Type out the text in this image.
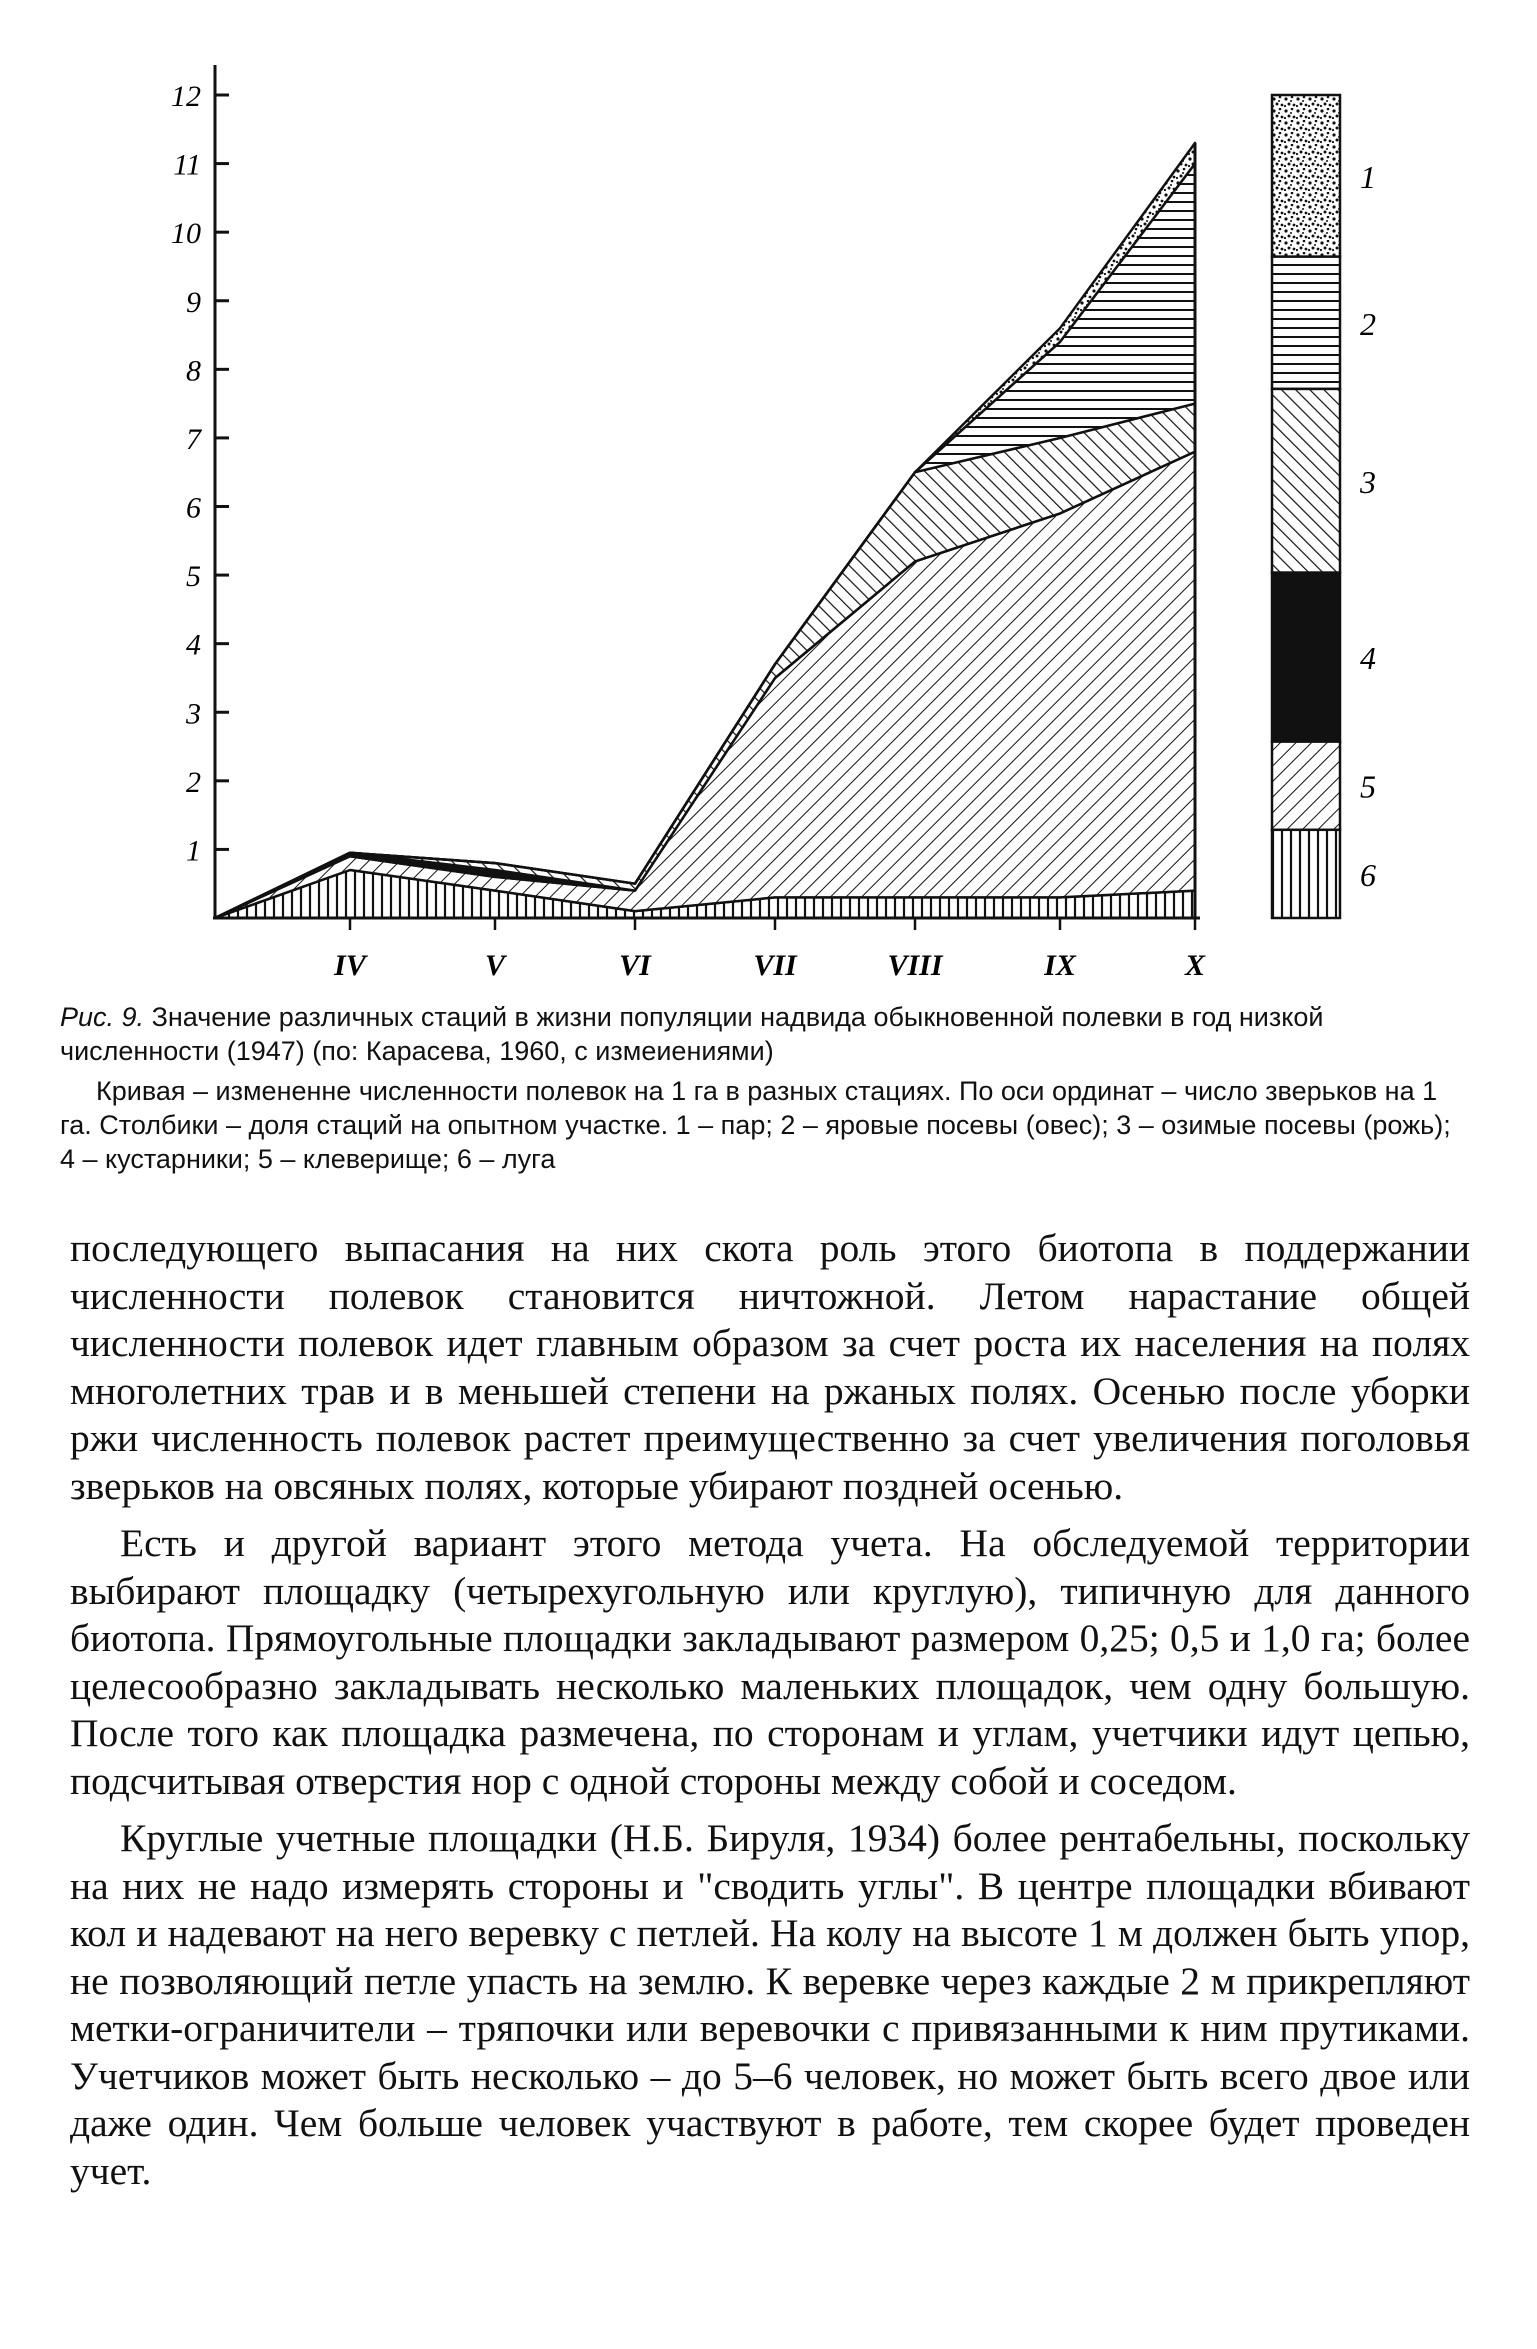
1
2
3
4
5
6
7
8
9
10
11
12
IV	V	VI	VII	VIII	IX	X
1
2
3
4
5
6
Рис. 9. Значение различных стаций в жизни популяции надвида обыкновенной полевки в год низкой численности (1947) (по: Карасева, 1960, с измеиениями)
Кривая – измененне численности полевок на 1 га в разных стациях. По оси ординат – число зверьков на 1 га. Столбики – доля стаций на опытном участке. 1 – пар; 2 – яровые посевы (овес); 3 – озимые посевы (рожь); 4 – кустарники; 5 – клеверище; 6 – луга

последующего выпасания на них скота роль этого биотопа в поддержании численности полевок становится ничтожной. Летом нарастание общей численности полевок идет главным образом за счет роста их населения на полях многолетних трав и в меньшей степени на ржаных полях. Осенью после уборки ржи численность полевок растет преимущественно за счет увеличения поголовья зверьков на овсяных полях, которые убирают поздней осенью.

Есть и другой вариант этого метода учета. На обследуемой территории выбирают площадку (четырехугольную или круглую), типичную для данного биотопа. Прямоугольные площадки закладывают размером 0,25; 0,5 и 1,0 га; более целесообразно закладывать несколько маленьких площадок, чем одну большую. После того как площадка размечена, по сторонам и углам, учетчики идут цепью, подсчитывая отверстия нор с одной стороны между собой и соседом.

Круглые учетные площадки (Н.Б. Бируля, 1934) более рентабельны, поскольку на них не надо измерять стороны и "сводить углы". В центре площадки вбивают кол и надевают на него веревку с петлей. На колу на высоте 1 м должен быть упор, не позволяющий петле упасть на землю. К веревке через каждые 2 м прикрепляют метки-ограничители – тряпочки или веревочки с привязанными к ним прутиками. Учетчиков может быть несколько – до 5–6 человек, но может быть всего двое или даже один. Чем больше человек участвуют в работе, тем скорее будет проведен учет.
